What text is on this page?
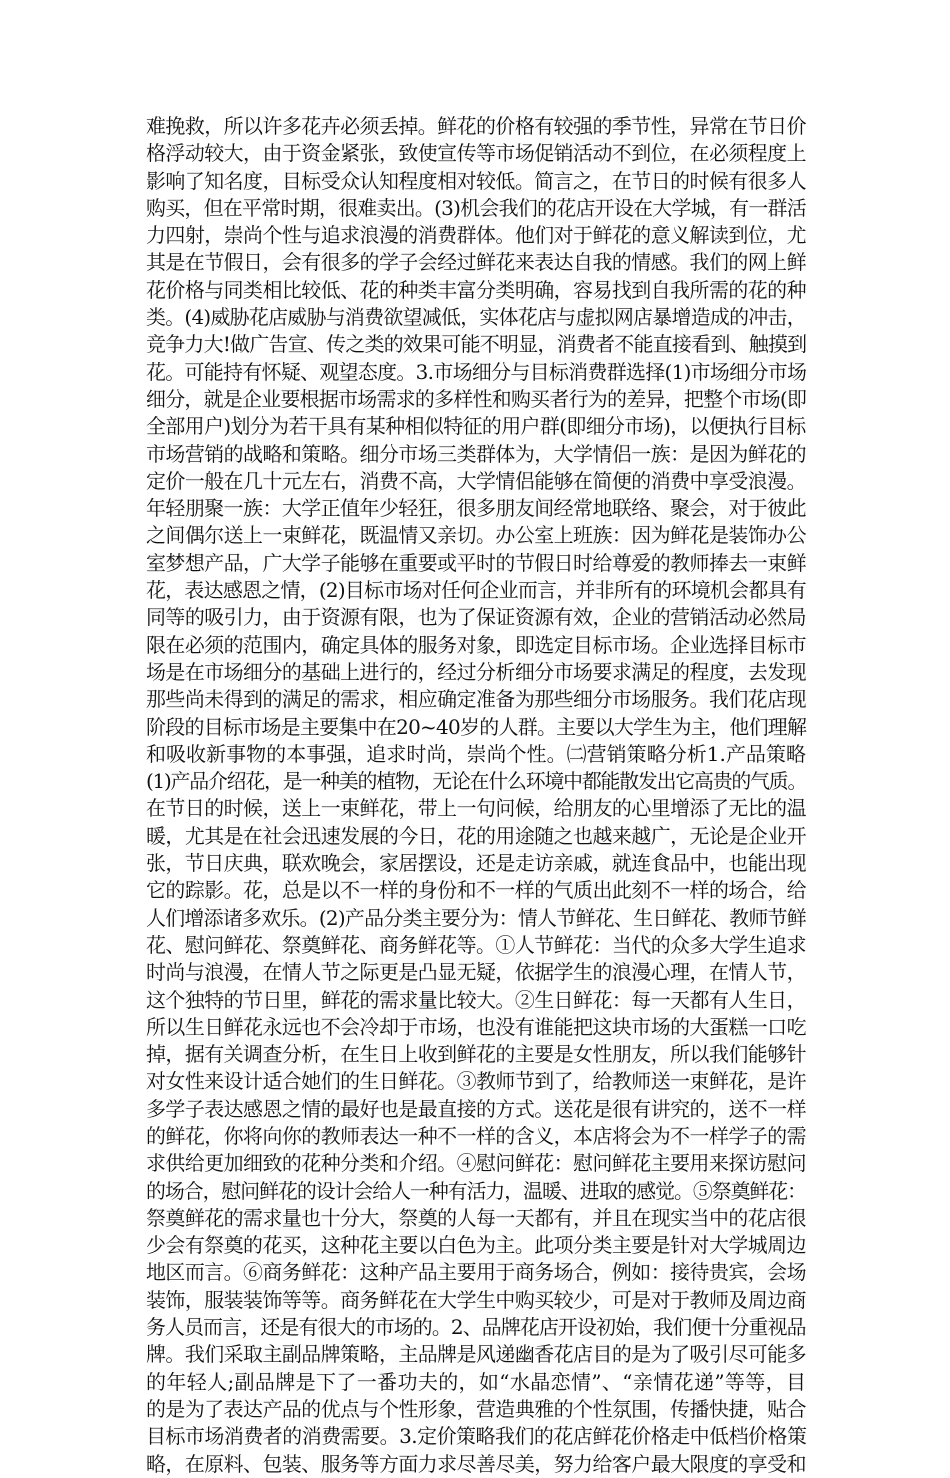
难挽救，所以许多花卉必须丢掉。鲜花的价格有较强的季节性，异常在节日价
格浮动较大，由于资金紧张，致使宣传等市场促销活动不到位，在必须程度上
影响了知名度，目标受众认知程度相对较低。简言之，在节日的时候有很多人
购买，但在平常时期，很难卖出。(3)机会我们的花店开设在大学城，有一群活
力四射，崇尚个性与追求浪漫的消费群体。他们对于鲜花的意义解读到位，尤
其是在节假日，会有很多的学子会经过鲜花来表达自我的情感。我们的网上鲜
花价格与同类相比较低、花的种类丰富分类明确，容易找到自我所需的花的种
类。(4)威胁花店威胁与消费欲望减低，实体花店与虚拟网店暴增造成的冲击，
竞争力大!做广告宣、传之类的效果可能不明显，消费者不能直接看到、触摸到
花。可能持有怀疑、观望态度。3.市场细分与目标消费群选择(1)市场细分市场
细分，就是企业要根据市场需求的多样性和购买者行为的差异，把整个市场(即
全部用户)划分为若干具有某种相似特征的用户群(即细分市场)，以便执行目标
市场营销的战略和策略。细分市场三类群体为，大学情侣一族：是因为鲜花的
定价一般在几十元左右，消费不高，大学情侣能够在简便的消费中享受浪漫。
年轻朋聚一族：大学正值年少轻狂，很多朋友间经常地联络、聚会，对于彼此
之间偶尔送上一束鲜花，既温情又亲切。办公室上班族：因为鲜花是装饰办公
室梦想产品，广大学子能够在重要或平时的节假日时给尊爱的教师捧去一束鲜
花，表达感恩之情，(2)目标市场对任何企业而言，并非所有的环境机会都具有
同等的吸引力，由于资源有限，也为了保证资源有效，企业的营销活动必然局
限在必须的范围内，确定具体的服务对象，即选定目标市场。企业选择目标市
场是在市场细分的基础上进行的，经过分析细分市场要求满足的程度，去发现
那些尚未得到的满足的需求，相应确定准备为那些细分市场服务。我们花店现
阶段的目标市场是主要集中在20~40岁的人群。主要以大学生为主，他们理解
和吸收新事物的本事强，追求时尚，崇尚个性。㈡营销策略分析1.产品策略
(1)产品介绍花，是一种美的植物，无论在什么环境中都能散发出它高贵的气质。
在节日的时候，送上一束鲜花，带上一句问候，给朋友的心里增添了无比的温
暖，尤其是在社会迅速发展的今日，花的用途随之也越来越广，无论是企业开
张，节日庆典，联欢晚会，家居摆设，还是走访亲戚，就连食品中，也能出现
它的踪影。花，总是以不一样的身份和不一样的气质出此刻不一样的场合，给
人们增添诸多欢乐。(2)产品分类主要分为：情人节鲜花、生日鲜花、教师节鲜
花、慰问鲜花、祭奠鲜花、商务鲜花等。①人节鲜花：当代的众多大学生追求
时尚与浪漫，在情人节之际更是凸显无疑，依据学生的浪漫心理，在情人节，
这个独特的节日里，鲜花的需求量比较大。②生日鲜花：每一天都有人生日，
所以生日鲜花永远也不会冷却于市场，也没有谁能把这块市场的大蛋糕一口吃
掉，据有关调查分析，在生日上收到鲜花的主要是女性朋友，所以我们能够针
对女性来设计适合她们的生日鲜花。③教师节到了，给教师送一束鲜花，是许
多学子表达感恩之情的最好也是最直接的方式。送花是很有讲究的，送不一样
的鲜花，你将向你的教师表达一种不一样的含义，本店将会为不一样学子的需
求供给更加细致的花种分类和介绍。④慰问鲜花：慰问鲜花主要用来探访慰问
的场合，慰问鲜花的设计会给人一种有活力，温暖、进取的感觉。⑤祭奠鲜花：
祭奠鲜花的需求量也十分大，祭奠的人每一天都有，并且在现实当中的花店很
少会有祭奠的花买，这种花主要以白色为主。此项分类主要是针对大学城周边
地区而言。⑥商务鲜花：这种产品主要用于商务场合，例如：接待贵宾，会场
装饰，服装装饰等等。商务鲜花在大学生中购买较少，可是对于教师及周边商
务人员而言，还是有很大的市场的。2、品牌花店开设初始，我们便十分重视品
牌。我们采取主副品牌策略，主品牌是风递幽香花店目的是为了吸引尽可能多
的年轻人;副品牌是下了一番功夫的，如“水晶恋情”、“亲情花递”等等，目
的是为了表达产品的优点与个性形象，营造典雅的个性氛围，传播快捷，贴合
目标市场消费者的消费需要。3.定价策略我们的花店鲜花价格走中低档价格策
略，在原料、包装、服务等方面力求尽善尽美，努力给客户最大限度的享受和
